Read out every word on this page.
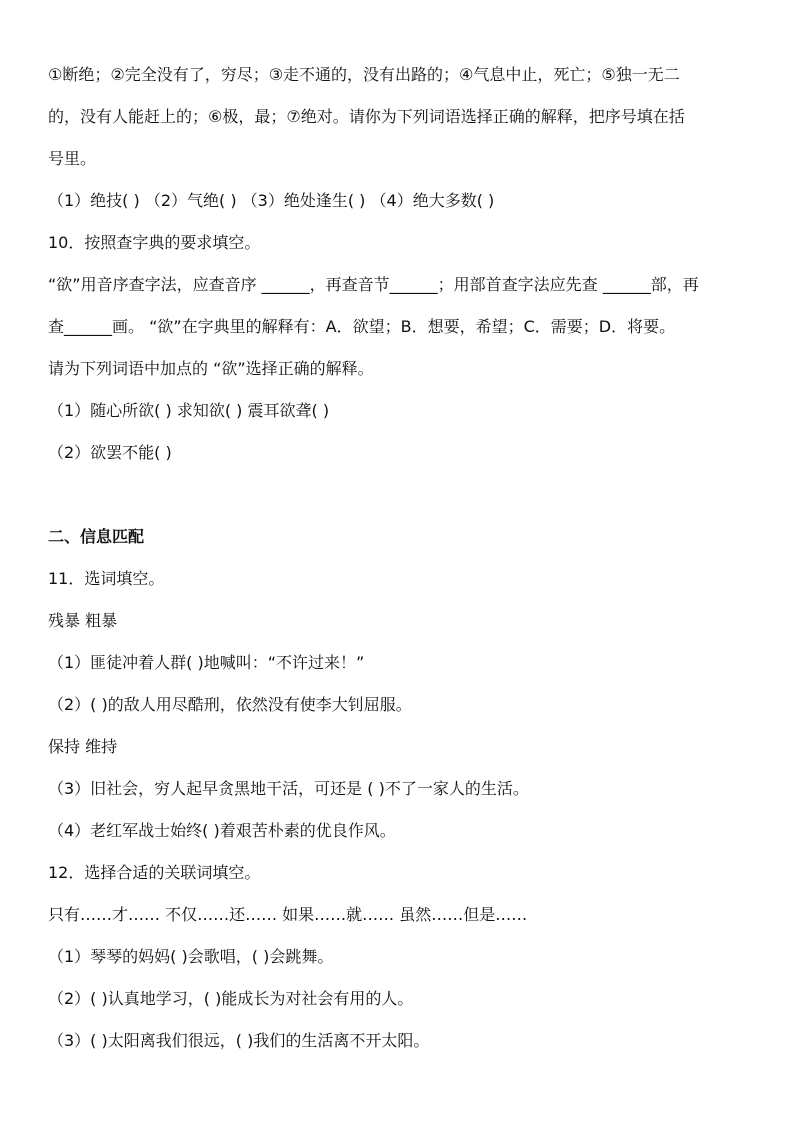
①断绝；②完全没有了，穷尽；③走不通的，没有出路的；④气息中止，死亡；⑤独一无二
的，没有人能赶上的；⑥极，最；⑦绝对。请你为下列词语选择正确的解释，把序号填在括
号里。
（1）绝技( ) （2）气绝( ) （3）绝处逢生( ) （4）绝大多数( )
10．按照查字典的要求填空。
“欲”用音序查字法，应查音序 ______，再查音节______；用部首查字法应先查 ______部，再
查______画。 “欲”在字典里的解释有：A．欲望；B．想要，希望；C．需要；D．将要。
请为下列词语中加点的 “欲”选择正确的解释。
（1）随心所欲( ) 求知欲( ) 震耳欲聋( )
（2）欲罢不能( )
二、信息匹配
11．选词填空。
残暴 粗暴
（1）匪徒冲着人群( )地喊叫：“不许过来！”
（2）( )的敌人用尽酷刑，依然没有使李大钊屈服。
保持 维持
（3）旧社会，穷人起早贪黑地干活，可还是 ( )不了一家人的生活。
（4）老红军战士始终( )着艰苦朴素的优良作风。
12．选择合适的关联词填空。
只有……才…… 不仅……还…… 如果……就…… 虽然……但是……
（1）琴琴的妈妈( )会歌唱，( )会跳舞。
（2）( )认真地学习，( )能成长为对社会有用的人。
（3）( )太阳离我们很远，( )我们的生活离不开太阳。
